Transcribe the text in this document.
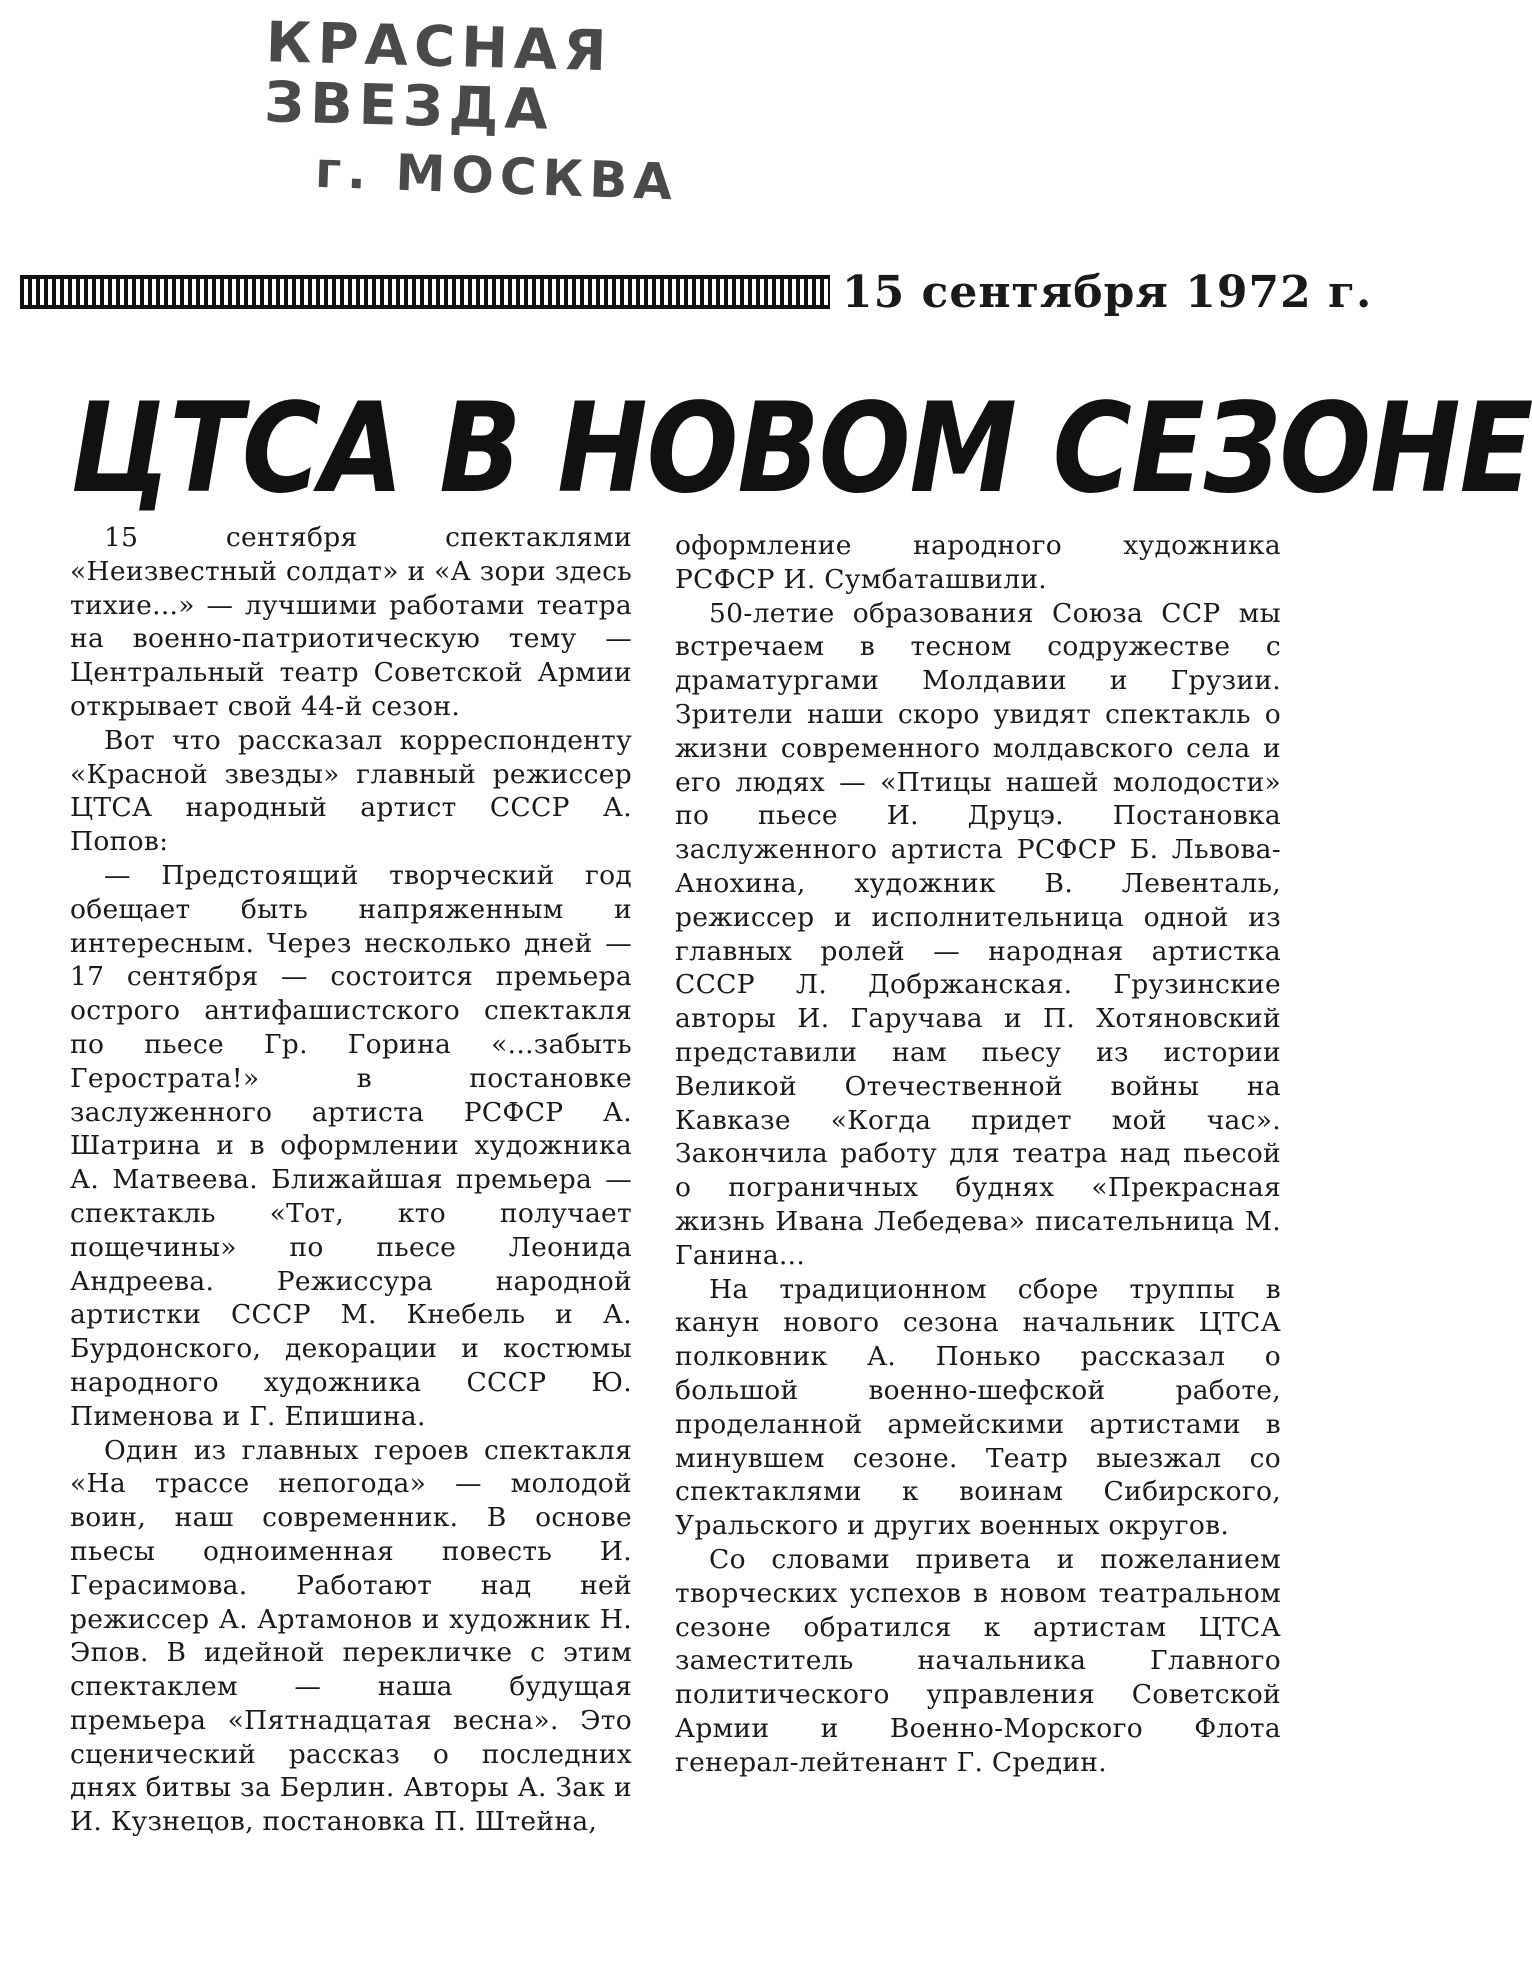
КРАСНАЯ ЗВЕЗДА
г. МОСКВА
15 сентября 1972 г.
ЦТСА В НОВОМ СЕЗОНЕ

15 сентября спектаклями «Неизвестный солдат» и «А зори здесь тихие...» — лучшими работами театра на военно-патриотическую тему — Центральный театр Советской Армии открывает свой 44-й сезон.

Вот что рассказал корреспонденту «Красной звезды» главный режиссер ЦТСА народный артист СССР А. Попов:

— Предстоящий творческий год обещает быть напряженным и интересным. Через несколько дней — 17 сентября — состоится премьера острого антифашистского спектакля по пьесе Гр. Горина «...забыть Герострата!» в постановке заслуженного артиста РСФСР А. Шатрина и в оформлении художника А. Матвеева. Ближайшая премьера — спектакль «Тот, кто получает пощечины» по пьесе Леонида Андреева. Режиссура народной артистки СССР М. Кнебель и А. Бурдонского, декорации и костюмы народного художника СССР Ю. Пименова и Г. Епишина.

Один из главных героев спектакля «На трассе непогода» — молодой воин, наш современник. В основе пьесы одноименная повесть И. Герасимова. Работают над ней режиссер А. Артамонов и художник Н. Эпов. В идейной перекличке с этим спектаклем — наша будущая премьера «Пятнадцатая весна». Это сценический рассказ о последних днях битвы за Берлин. Авторы А. Зак и И. Кузнецов, постановка П. Штейна,

оформление народного художника РСФСР И. Сумбаташвили.

50-летие образования Союза ССР мы встречаем в тесном содружестве с драматургами Молдавии и Грузии. Зрители наши скоро увидят спектакль о жизни современного молдавского села и его людях — «Птицы нашей молодости» по пьесе И. Друцэ. Постановка заслуженного артиста РСФСР Б. Львова-Анохина, художник В. Левенталь, режиссер и исполнительница одной из главных ролей — народная артистка СССР Л. Добржанская. Грузинские авторы И. Гаручава и П. Хотяновский представили нам пьесу из истории Великой Отечественной войны на Кавказе «Когда придет мой час». Закончила работу для театра над пьесой о пограничных буднях «Прекрасная жизнь Ивана Лебедева» писательница М. Ганина...

На традиционном сборе труппы в канун нового сезона начальник ЦТСА полковник А. Понько рассказал о большой военно-шефской работе, проделанной армейскими артистами в минувшем сезоне. Театр выезжал со спектаклями к воинам Сибирского, Уральского и других военных округов.

Со словами привета и пожеланием творческих успехов в новом театральном сезоне обратился к артистам ЦТСА заместитель начальника Главного политического управления Советской Армии и Военно-Морского Флота генерал-лейтенант Г. Средин.
